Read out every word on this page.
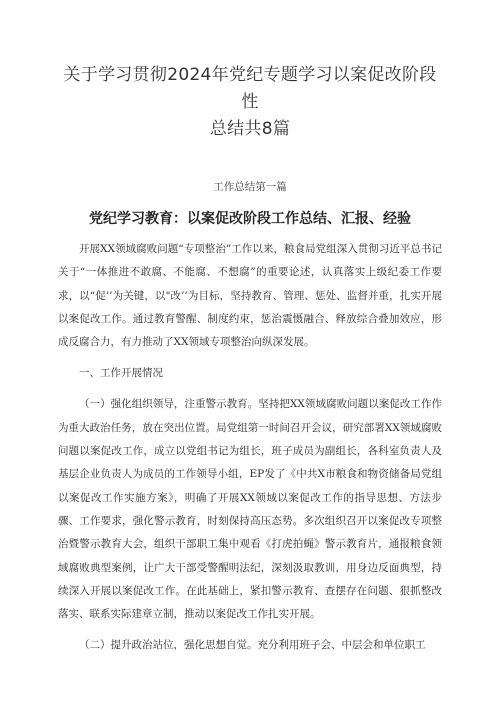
关于学习贯彻2024年党纪专题学习以案促改阶段性
总结共8篇
工作总结第一篇
党纪学习教育：以案促改阶段工作总结、汇报、经验

开展XX领域腐败问题“专项整治”工作以来，粮食局党组深入贯彻习近平总书记关于“一体推进不敢腐、不能腐、不想腐”的重要论述，认真落实上级纪委工作要求，以“促’’为关键，以"改’’为目标，坚持教育、管理、惩处、监督并重，扎实开展以案促改工作。通过教育警醒、制度约束，惩治震慑融合、释放综合叠加效应，形成反腐合力，有力推动了XX领域专项整治向纵深发展。

一、工作开展情况

（一）强化组织领导，注重警示教育。坚持把XX领域腐败问题以案促改工作作为重大政治任务，放在突出位置。局党组第一时间召开会议，研究部署XX领域腐败问题以案促改工作，成立以党组书记为组长，班子成员为副组长，各科室负责人及基层企业负责人为成员的工作领导小组，EP发了《中共X市粮食和物资储备局党组以案促改工作实施方案》，明确了开展XX领域以案促改工作的指导思想、方法步骤、工作要求，强化警示教育，时刻保持高压态势。多次组织召开以案促改专项整治暨警示教育大会，组织干部职工集中观看《打虎拍蝇》警示教育片，通报粮食领域腐败典型案例，让广大干部受警醒明法纪，深刻汲取教训，用身边反面典型，持续深入开展以案促改工作。在此基础上，紧扣警示教育、查摆存在问题、狠抓整改落实、联系实际建章立制，推动以案促改工作扎实开展。

（二）提升政治站位，强化思想自觉。充分利用班子会、中层会和单位职工
